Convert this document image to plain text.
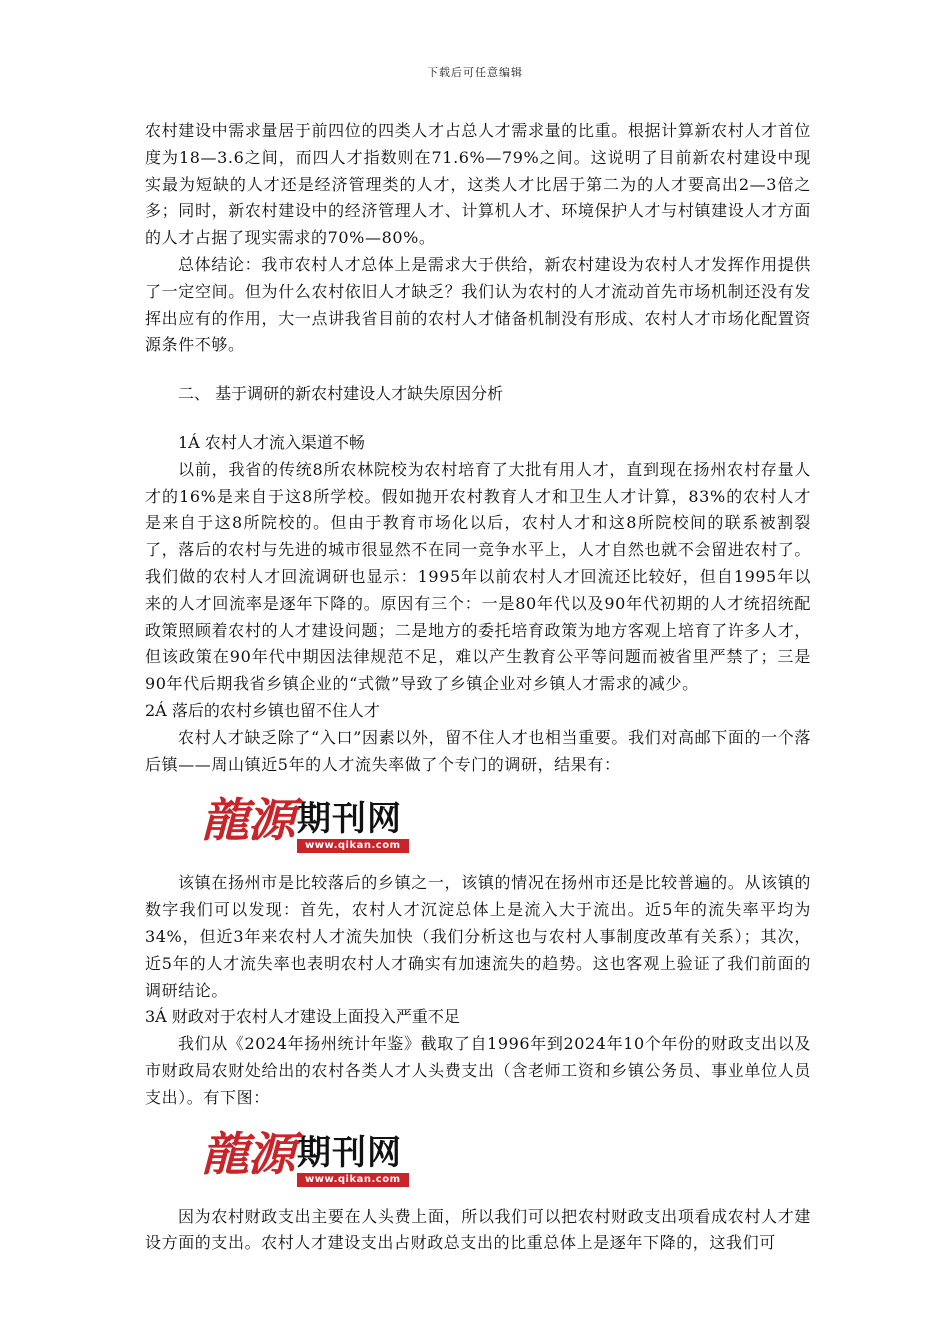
下载后可任意编辑

农村建设中需求量居于前四位的四类人才占总人才需求量的比重。根据计算新农村人才首位度为18—3.6之间，而四人才指数则在71.6%—79%之间。这说明了目前新农村建设中现实最为短缺的人才还是经济管理类的人才，这类人才比居于第二为的人才要高出2—3倍之多；同时，新农村建设中的经济管理人才、计算机人才、环境保护人才与村镇建设人才方面的人才占据了现实需求的70%—80%。

总体结论：我市农村人才总体上是需求大于供给，新农村建设为农村人才发挥作用提供了一定空间。但为什么农村依旧人才缺乏？我们认为农村的人才流动首先市场机制还没有发挥出应有的作用，大一点讲我省目前的农村人才储备机制没有形成、农村人才市场化配置资源条件不够。

二、 基于调研的新农村建设人才缺失原因分析

1Á 农村人才流入渠道不畅

以前，我省的传统8所农林院校为农村培育了大批有用人才，直到现在扬州农村存量人才的16%是来自于这8所学校。假如抛开农村教育人才和卫生人才计算，83%的农村人才是来自于这8所院校的。但由于教育市场化以后，农村人才和这8所院校间的联系被割裂了，落后的农村与先进的城市很显然不在同一竞争水平上，人才自然也就不会留进农村了。我们做的农村人才回流调研也显示：1995年以前农村人才回流还比较好，但自1995年以来的人才回流率是逐年下降的。原因有三个：一是80年代以及90年代初期的人才统招统配政策照顾着农村的人才建设问题；二是地方的委托培育政策为地方客观上培育了许多人才，但该政策在90年代中期因法律规范不足，难以产生教育公平等问题而被省里严禁了；三是90年代后期我省乡镇企业的“式微”导致了乡镇企业对乡镇人才需求的减少。

2Á 落后的农村乡镇也留不住人才

农村人才缺乏除了“入口”因素以外，留不住人才也相当重要。我们对高邮下面的一个落后镇——周山镇近5年的人才流失率做了个专门的调研，结果有：

龍源 期刊网
www.qikan.com

该镇在扬州市是比较落后的乡镇之一，该镇的情况在扬州市还是比较普遍的。从该镇的数字我们可以发现：首先，农村人才沉淀总体上是流入大于流出。近5年的流失率平均为34%，但近3年来农村人才流失加快（我们分析这也与农村人事制度改革有关系）；其次，近5年的人才流失率也表明农村人才确实有加速流失的趋势。这也客观上验证了我们前面的调研结论。

3Á 财政对于农村人才建设上面投入严重不足

我们从《2024年扬州统计年鉴》截取了自1996年到2024年10个年份的财政支出以及市财政局农财处给出的农村各类人才人头费支出（含老师工资和乡镇公务员、事业单位人员支出）。有下图：

龍源 期刊网
www.qikan.com

因为农村财政支出主要在人头费上面，所以我们可以把农村财政支出项看成农村人才建设方面的支出。农村人才建设支出占财政总支出的比重总体上是逐年下降的，这我们可
